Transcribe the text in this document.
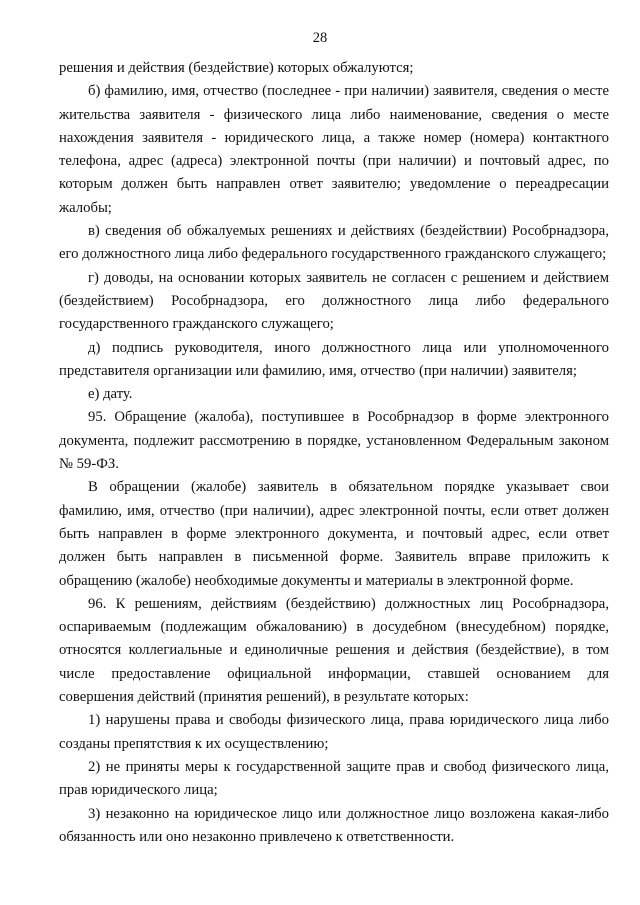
28

решения и действия (бездействие) которых обжалуются;

б) фамилию, имя, отчество (последнее - при наличии) заявителя, сведения о месте жительства заявителя - физического лица либо наименование, сведения о месте нахождения заявителя - юридического лица, а также номер (номера) контактного телефона, адрес (адреса) электронной почты (при наличии) и почтовый адрес, по которым должен быть направлен ответ заявителю; уведомление о переадресации жалобы;

в) сведения об обжалуемых решениях и действиях (бездействии) Рособрнадзора, его должностного лица либо федерального государственного гражданского служащего;

г) доводы, на основании которых заявитель не согласен с решением и действием (бездействием) Рособрнадзора, его должностного лица либо федерального государственного гражданского служащего;

д) подпись руководителя, иного должностного лица или уполномоченного представителя организации или фамилию, имя, отчество (при наличии) заявителя;

е) дату.

95. Обращение (жалоба), поступившее в Рособрнадзор в форме электронного документа, подлежит рассмотрению в порядке, установленном Федеральным законом № 59-ФЗ.

В обращении (жалобе) заявитель в обязательном порядке указывает свои фамилию, имя, отчество (при наличии), адрес электронной почты, если ответ должен быть направлен в форме электронного документа, и почтовый адрес, если ответ должен быть направлен в письменной форме. Заявитель вправе приложить к обращению (жалобе) необходимые документы и материалы в электронной форме.

96. К решениям, действиям (бездействию) должностных лиц Рособрнадзора, оспариваемым (подлежащим обжалованию) в досудебном (внесудебном) порядке, относятся коллегиальные и единоличные решения и действия (бездействие), в том числе предоставление официальной информации, ставшей основанием для совершения действий (принятия решений), в результате которых:

1) нарушены права и свободы физического лица, права юридического лица либо созданы препятствия к их осуществлению;

2) не приняты меры к государственной защите прав и свобод физического лица, прав юридического лица;

3) незаконно на юридическое лицо или должностное лицо возложена какая-либо обязанность или оно незаконно привлечено к ответственности.
